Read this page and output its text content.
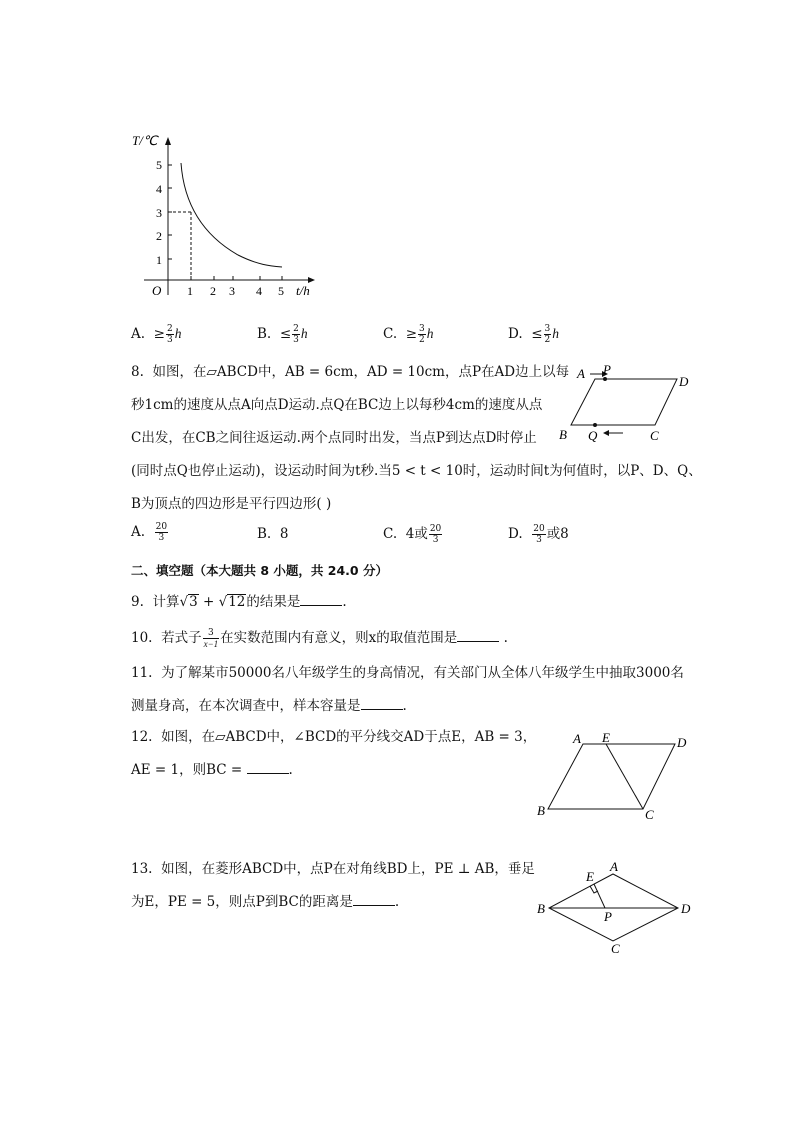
T/℃
t/h
O
1
2
3
4
5
1 2 3 4 5
A. ≥ $\frac{2}{3}$ h	B. ≤ $\frac{2}{3}$ h	C. ≥ $\frac{3}{2}$ h	D. ≤ $\frac{3}{2}$ h
8. 如图，在▱ABCD中，AB = 6cm，AD = 10cm，点P在AD边上以每
秒1cm的速度从点A向点D运动.点Q在BC边上以每秒4cm的速度从点
C出发，在CB之间往返运动.两个点同时出发，当点P到达点D时停止
(同时点Q也停止运动)，设运动时间为t秒.当5 < t < 10时，运动时间t为何值时，以P、D、Q、
B为顶点的四边形是平行四边形( )
A P
D
B Q	C
A. $\frac{20}{3}$	B. 8	C. 4或 $\frac{20}{3}$	D. $\frac{20}{3}$ 或8
二、填空题（本大题共 8 小题，共 24.0 分）
9. 计算√3 + √12的结果是	.
10. 若式子 $\frac{3}{x-1}$ 在实数范围内有意义，则x的取值范围是	.
11. 为了解某市50000名八年级学生的身高情况，有关部门从全体八年级学生中抽取3000名
测量身高，在本次调查中，样本容量是	.
12. 如图，在▱ABCD中，∠BCD的平分线交AD于点E，AB = 3，
AE = 1，则BC =	.
A E	D
B	C
13. 如图，在菱形ABCD中，点P在对角线BD上，PE ⊥ AB，垂足
为E，PE = 5，则点P到BC的距离是	.
A
E
B
P
D
C
